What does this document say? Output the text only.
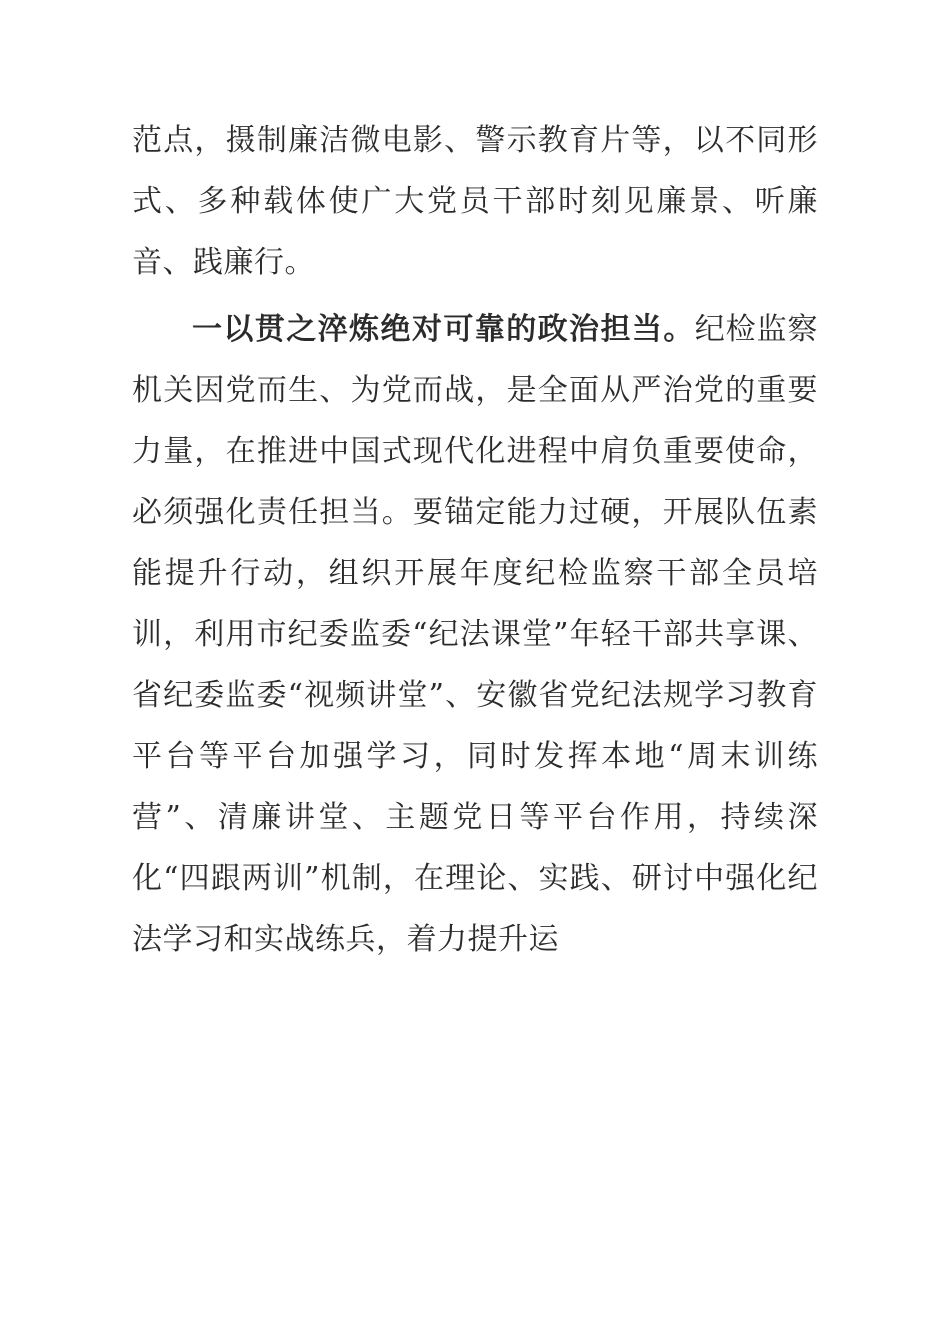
范点，摄制廉洁微电影、警示教育片等，以不同形式、多种载体使广大党员干部时刻见廉景、听廉音、践廉行。

一以贯之淬炼绝对可靠的政治担当。纪检监察机关因党而生、为党而战，是全面从严治党的重要力量，在推进中国式现代化进程中肩负重要使命，必须强化责任担当。要锚定能力过硬，开展队伍素能提升行动，组织开展年度纪检监察干部全员培训，利用市纪委监委“纪法课堂”年轻干部共享课、省纪委监委“视频讲堂”、安徽省党纪法规学习教育平台等平台加强学习，同时发挥本地“周末训练营”、清廉讲堂、主题党日等平台作用，持续深化“四跟两训”机制，在理论、实践、研讨中强化纪法学习和实战练兵，着力提升运
